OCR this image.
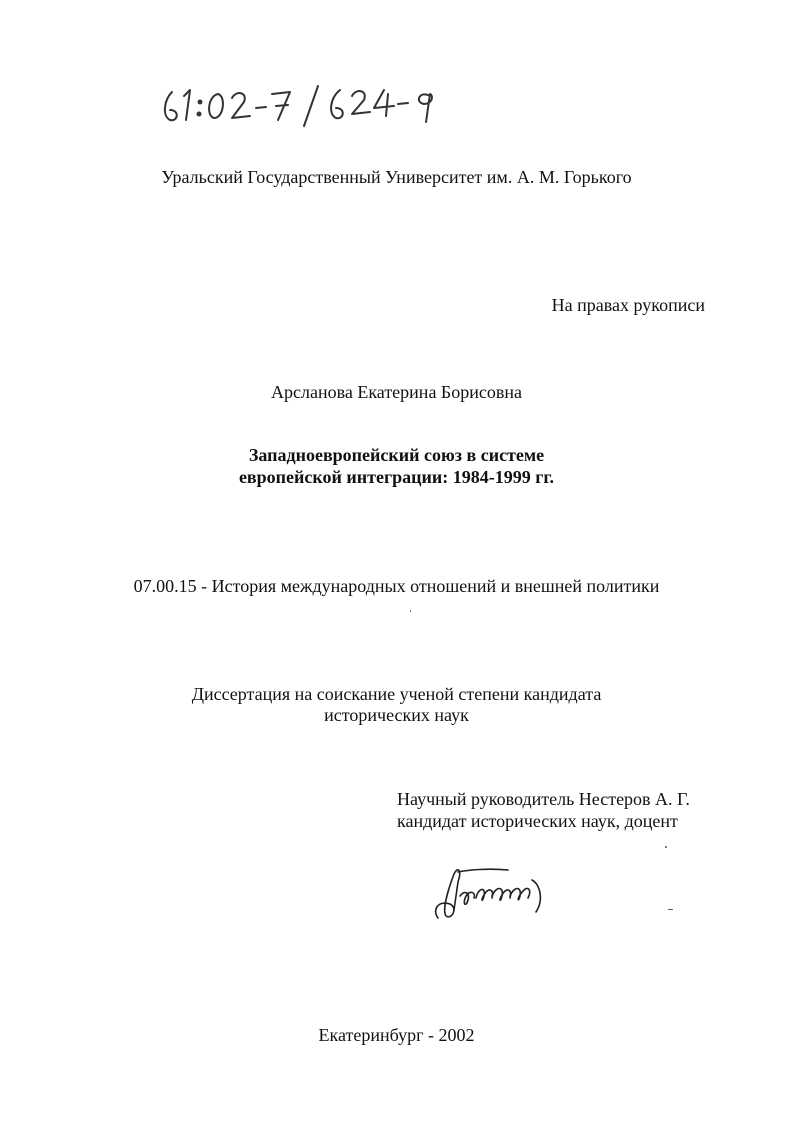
Уральский Государственный Университет им. А. М. Горького
На правах рукописи
Арсланова Екатерина Борисовна
Западноевропейский союз в системе
европейской интеграции: 1984-1999 гг.
07.00.15 - История международных отношений и внешней политики
Диссертация на соискание ученой степени кандидата
исторических наук
Научный руководитель Нестеров А. Г.
кандидат исторических наук, доцент
Екатеринбург - 2002
